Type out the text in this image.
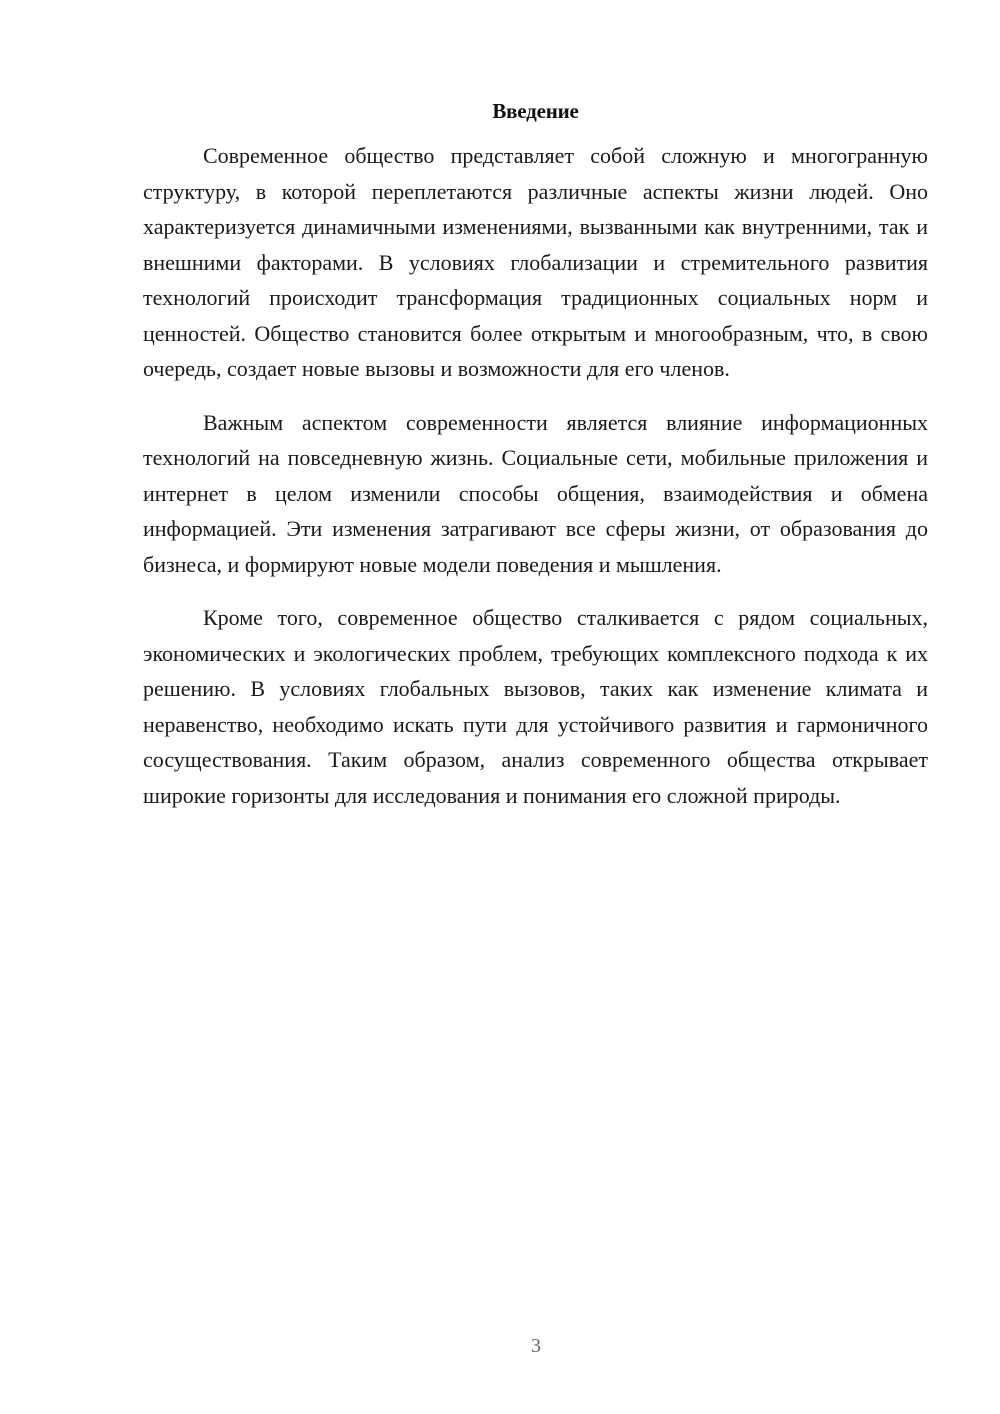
Введение

Современное общество представляет собой сложную и многогранную структуру, в которой переплетаются различные аспекты жизни людей. Оно характеризуется динамичными изменениями, вызванными как внутренними, так и внешними факторами. В условиях глобализации и стремительного развития технологий происходит трансформация традиционных социальных норм и ценностей. Общество становится более открытым и многообразным, что, в свою очередь, создает новые вызовы и возможности для его членов.

Важным аспектом современности является влияние информационных технологий на повседневную жизнь. Социальные сети, мобильные приложения и интернет в целом изменили способы общения, взаимодействия и обмена информацией. Эти изменения затрагивают все сферы жизни, от образования до бизнеса, и формируют новые модели поведения и мышления.

Кроме того, современное общество сталкивается с рядом социальных, экономических и экологических проблем, требующих комплексного подхода к их решению. В условиях глобальных вызовов, таких как изменение климата и неравенство, необходимо искать пути для устойчивого развития и гармоничного сосуществования. Таким образом, анализ современного общества открывает широкие горизонты для исследования и понимания его сложной природы.

3
